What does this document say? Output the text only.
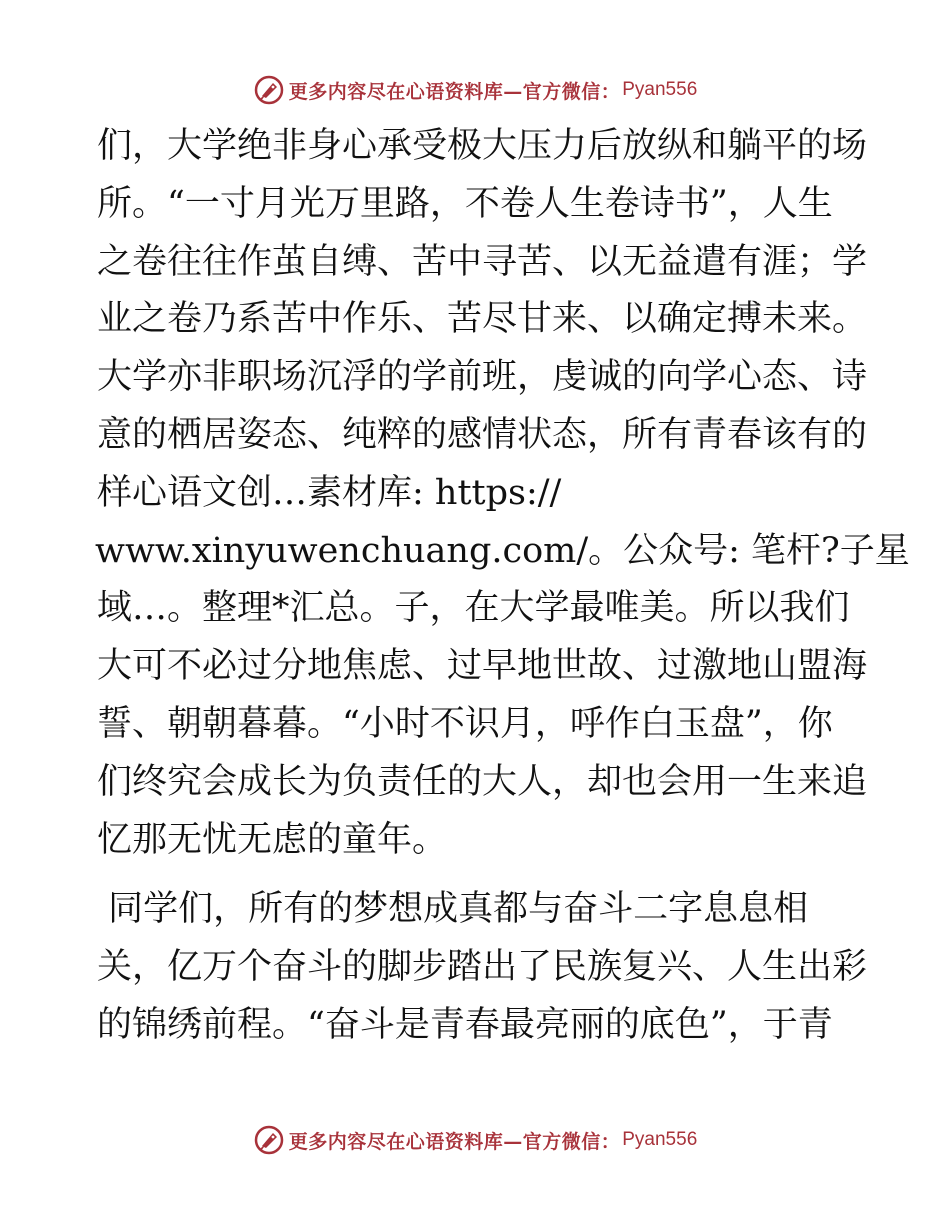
更多内容尽在心语资料库—官方微信： Pyan556
们，大学绝非身心承受极大压力后放纵和躺平的场
所。“一寸月光万里路，不卷人生卷诗书”，人生
之卷往往作茧自缚、苦中寻苦、以无益遣有涯；学
业之卷乃系苦中作乐、苦尽甘来、以确定搏未来。
大学亦非职场沉浮的学前班，虔诚的向学心态、诗
意的栖居姿态、纯粹的感情状态，所有青春该有的
样心语文创…素材库: https://
www.xinyuwenchuang.com/。公众号: 笔杆?子星
域…。整理*汇总。子，在大学最唯美。所以我们
大可不必过分地焦虑、过早地世故、过激地山盟海
誓、朝朝暮暮。“小时不识月，呼作白玉盘”，你
们终究会成长为负责任的大人，却也会用一生来追
忆那无忧无虑的童年。
同学们，所有的梦想成真都与奋斗二字息息相
关，亿万个奋斗的脚步踏出了民族复兴、人生出彩
的锦绣前程。“奋斗是青春最亮丽的底色”，于青
更多内容尽在心语资料库—官方微信： Pyan556
